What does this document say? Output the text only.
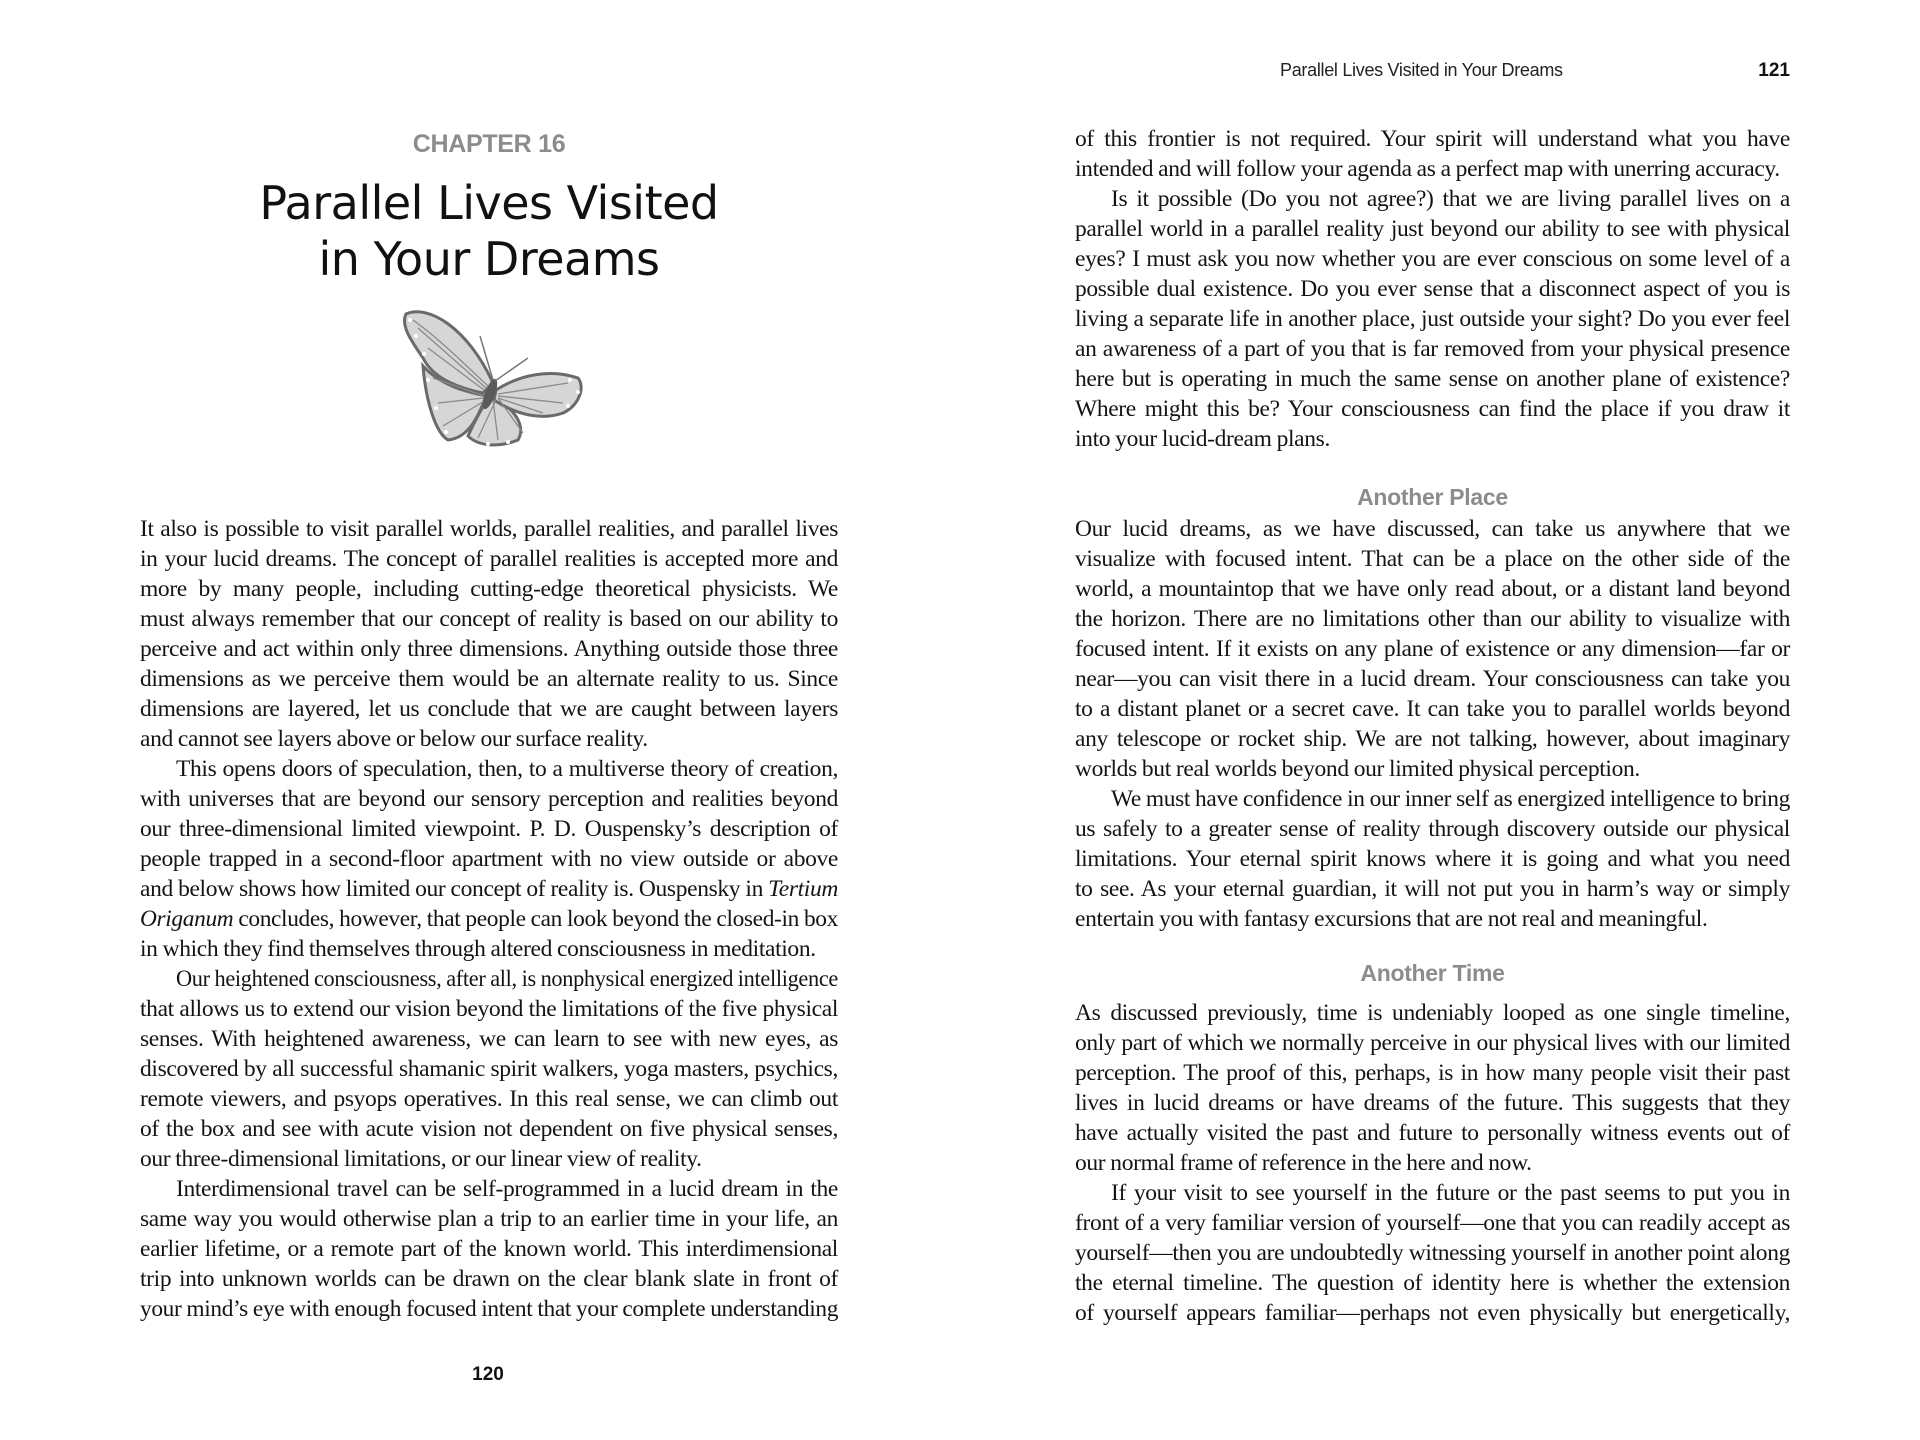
CHAPTER 16
Parallel Lives Visited
in Your Dreams
It also is possible to visit parallel worlds, parallel realities, and parallel lives
in your lucid dreams. The concept of parallel realities is accepted more and
more by many people, including cutting-edge theoretical physicists. We
must always remember that our concept of reality is based on our ability to
perceive and act within only three dimensions. Anything outside those three
dimensions as we perceive them would be an alternate reality to us. Since
dimensions are layered, let us conclude that we are caught between layers
and cannot see layers above or below our surface reality.
This opens doors of speculation, then, to a multiverse theory of creation,
with universes that are beyond our sensory perception and realities beyond
our three-dimensional limited viewpoint. P. D. Ouspensky’s description of
people trapped in a second-floor apartment with no view outside or above
and below shows how limited our concept of reality is. Ouspensky in Tertium
Origanum concludes, however, that people can look beyond the closed-in box
in which they find themselves through altered consciousness in meditation.
Our heightened consciousness, after all, is nonphysical energized intelligence
that allows us to extend our vision beyond the limitations of the five physical
senses. With heightened awareness, we can learn to see with new eyes, as
discovered by all successful shamanic spirit walkers, yoga masters, psychics,
remote viewers, and psyops operatives. In this real sense, we can climb out
of the box and see with acute vision not dependent on five physical senses,
our three-dimensional limitations, or our linear view of reality.
Interdimensional travel can be self-programmed in a lucid dream in the
same way you would otherwise plan a trip to an earlier time in your life, an
earlier lifetime, or a remote part of the known world. This interdimensional
trip into unknown worlds can be drawn on the clear blank slate in front of
your mind’s eye with enough focused intent that your complete understanding
120
Parallel Lives Visited in Your Dreams	121
of this frontier is not required. Your spirit will understand what you have
intended and will follow your agenda as a perfect map with unerring accuracy.
Is it possible (Do you not agree?) that we are living parallel lives on a
parallel world in a parallel reality just beyond our ability to see with physical
eyes? I must ask you now whether you are ever conscious on some level of a
possible dual existence. Do you ever sense that a disconnect aspect of you is
living a separate life in another place, just outside your sight? Do you ever feel
an awareness of a part of you that is far removed from your physical presence
here but is operating in much the same sense on another plane of existence?
Where might this be? Your consciousness can find the place if you draw it
into your lucid-dream plans.
Another Place
Our lucid dreams, as we have discussed, can take us anywhere that we
visualize with focused intent. That can be a place on the other side of the
world, a mountaintop that we have only read about, or a distant land beyond
the horizon. There are no limitations other than our ability to visualize with
focused intent. If it exists on any plane of existence or any dimension—far or
near—you can visit there in a lucid dream. Your consciousness can take you
to a distant planet or a secret cave. It can take you to parallel worlds beyond
any telescope or rocket ship. We are not talking, however, about imaginary
worlds but real worlds beyond our limited physical perception.
We must have confidence in our inner self as energized intelligence to bring
us safely to a greater sense of reality through discovery outside our physical
limitations. Your eternal spirit knows where it is going and what you need
to see. As your eternal guardian, it will not put you in harm’s way or simply
entertain you with fantasy excursions that are not real and meaningful.
Another Time
As discussed previously, time is undeniably looped as one single timeline,
only part of which we normally perceive in our physical lives with our limited
perception. The proof of this, perhaps, is in how many people visit their past
lives in lucid dreams or have dreams of the future. This suggests that they
have actually visited the past and future to personally witness events out of
our normal frame of reference in the here and now.
If your visit to see yourself in the future or the past seems to put you in
front of a very familiar version of yourself—one that you can readily accept as
yourself—then you are undoubtedly witnessing yourself in another point along
the eternal timeline. The question of identity here is whether the extension
of yourself appears familiar—perhaps not even physically but energetically,
